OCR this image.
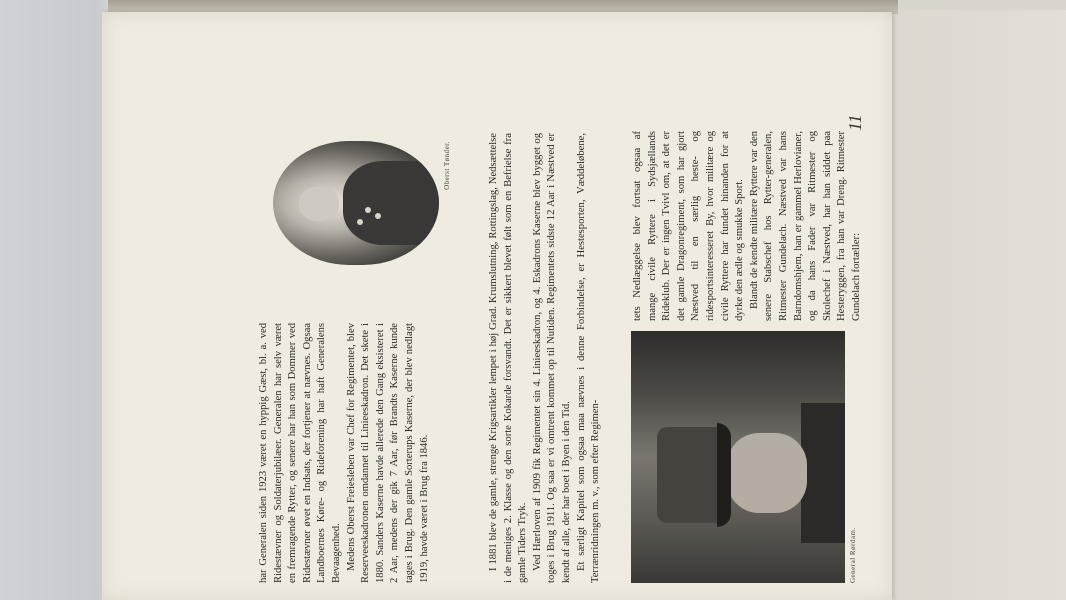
har Generalen siden 1923 været en hyppig Gæst, bl. a. ved Ridestævner og Soldaterjubilæer. Generalen har selv været en fremragende Rytter, og senere har han som Dommer ved Ridestævner øvet en Indsats, der fortjener at nævnes. Ogsaa Landboernes Køre- og Rideforening har haft Generalens Bevaagenhed. Medens Oberst Freiesleben var Chef for Regimentet, blev Reserveeskadronen omdannet til Linieeskadron. Det skete i 1880. Sanders Kaserne havde allerede den Gang eksisteret i 2 Aar, medens der gik 7 Aar, før Brandts Kaserne kunde tages i Brug. Den gamle Sorterups Kaserne, der blev nedlagt 1919, havde været i Brug fra 1846.

Oberst Tønder.	I 1881 blev de gamle, strenge Krigsartikler lempet i høj Grad. Krumslutning, Rottingslag, Nedsættelse i de meniges 2. Klasse og den sorte Kokarde forsvandt. Det er sikkert blevet følt som en Befrielse fra gamle Tiders Tryk. Ved Hærloven af 1909 fik Regimentet sin 4. Linieeskadron, og 4. Eskadrons Kaserne blev bygget og toges i Brug 1911. Og saa er vi omtrent kommet op til Nutiden. Regimentets sidste 12 Aar i Næstved er kendt af alle, der har boet i Byen i den Tid. Et særligt Kapitel som ogsaa maa nævnes i denne Forbindelse, er Hestesporten, Væddeløbene, Terrænridningen m. v., som efter Regimen-	General Rørdam.

tets Nedlæggelse blev fortsat ogsaa af mange civile Ryttere i Sydsjællands Rideklub. Der er ingen Tvivl om, at det er det gamle Dragonregiment, som har gjort Næstved til en særlig heste- og ridesportsinteresseret By, hvor militære og civile Ryttere har fundet hinanden for at dyrke den ædle og smukke Sport. Blandt de kendte militære Ryttere var den senere Stabschef hos Rytter-generalen, Ritmester Gundelach. Næstved var hans Barndomshjem, han er gammel Herlovianer, og da hans Fader var Ritmester og Skolechef i Næstved, har han siddet paa Hesteryggen, fra han var Dreng. Ritmester Gundelach fortæller:

11
